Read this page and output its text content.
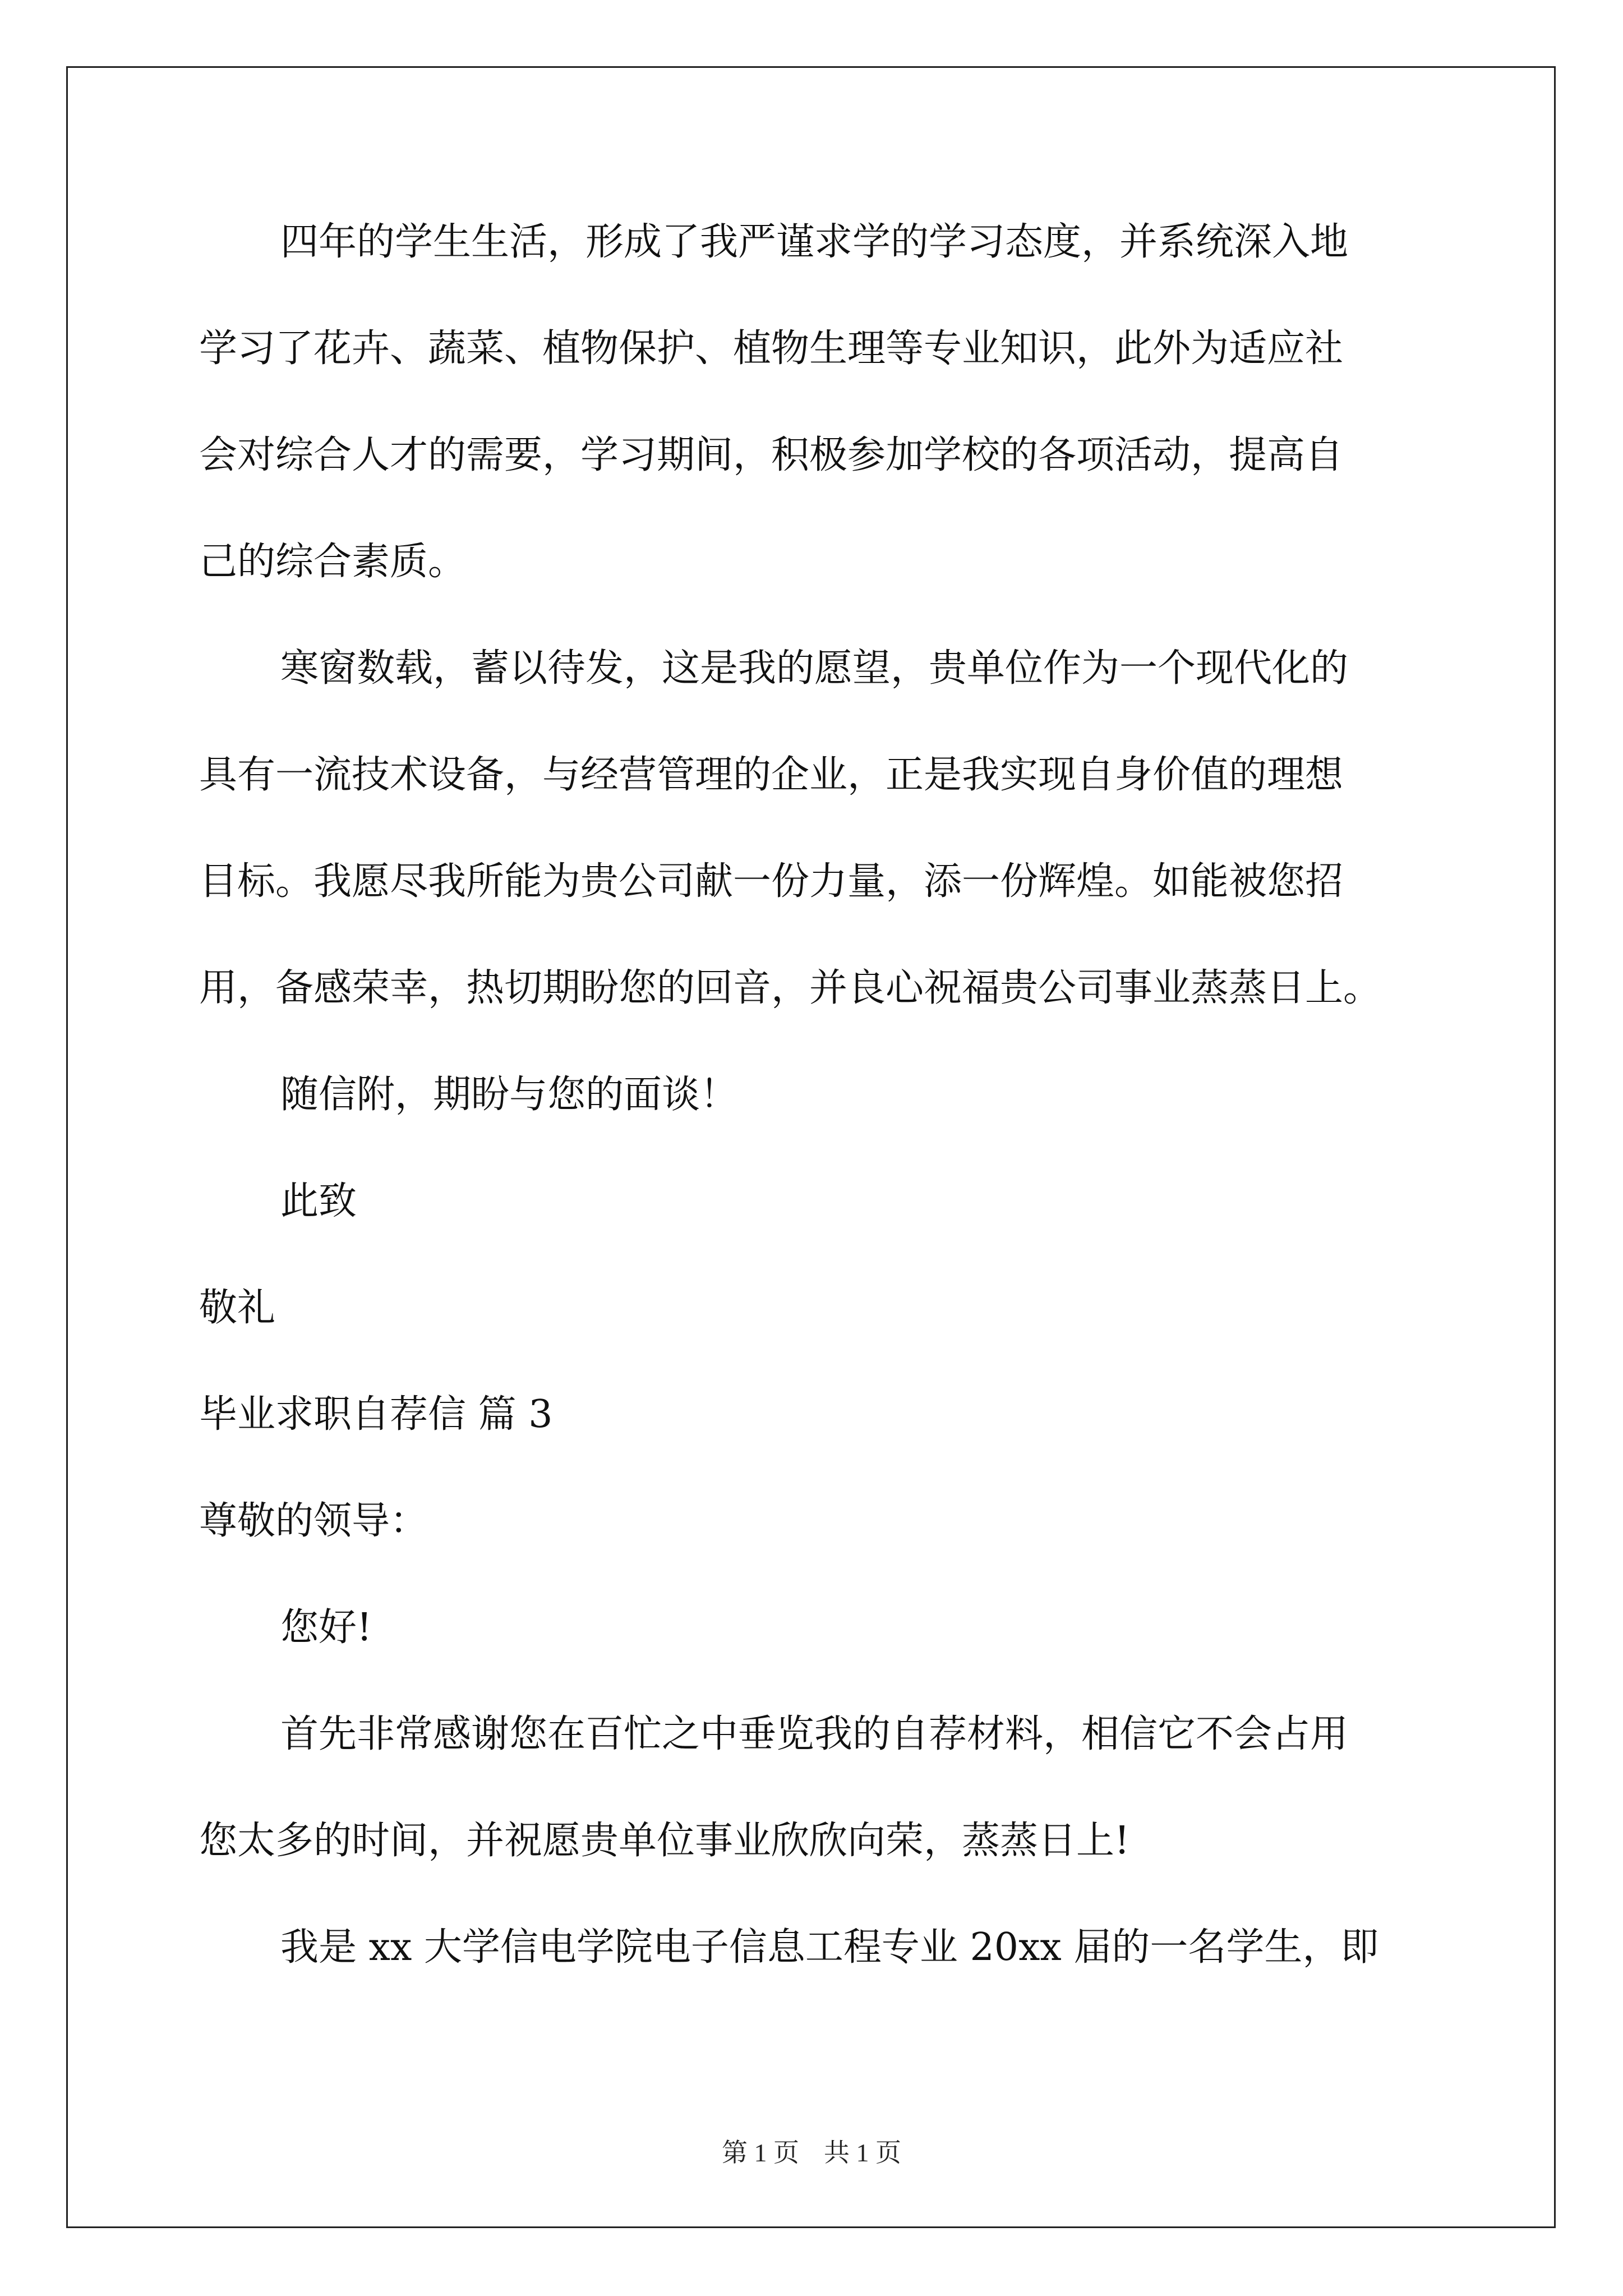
四年的学生生活，形成了我严谨求学的学习态度，并系统深入地
学习了花卉、蔬菜、植物保护、植物生理等专业知识，此外为适应社
会对综合人才的需要，学习期间，积极参加学校的各项活动，提高自
己的综合素质。
寒窗数载，蓄以待发，这是我的愿望，贵单位作为一个现代化的
具有一流技术设备，与经营管理的企业，正是我实现自身价值的理想
目标。我愿尽我所能为贵公司献一份力量，添一份辉煌。如能被您招
用，备感荣幸，热切期盼您的回音，并良心祝福贵公司事业蒸蒸日上。
随信附，期盼与您的面谈！
此致
敬礼
毕业求职自荐信 篇 3
尊敬的领导：
您好!
首先非常感谢您在百忙之中垂览我的自荐材料，相信它不会占用
您太多的时间，并祝愿贵单位事业欣欣向荣，蒸蒸日上!
我是 xx 大学信电学院电子信息工程专业 20xx 届的一名学生，即
第 1 页 共 1 页
